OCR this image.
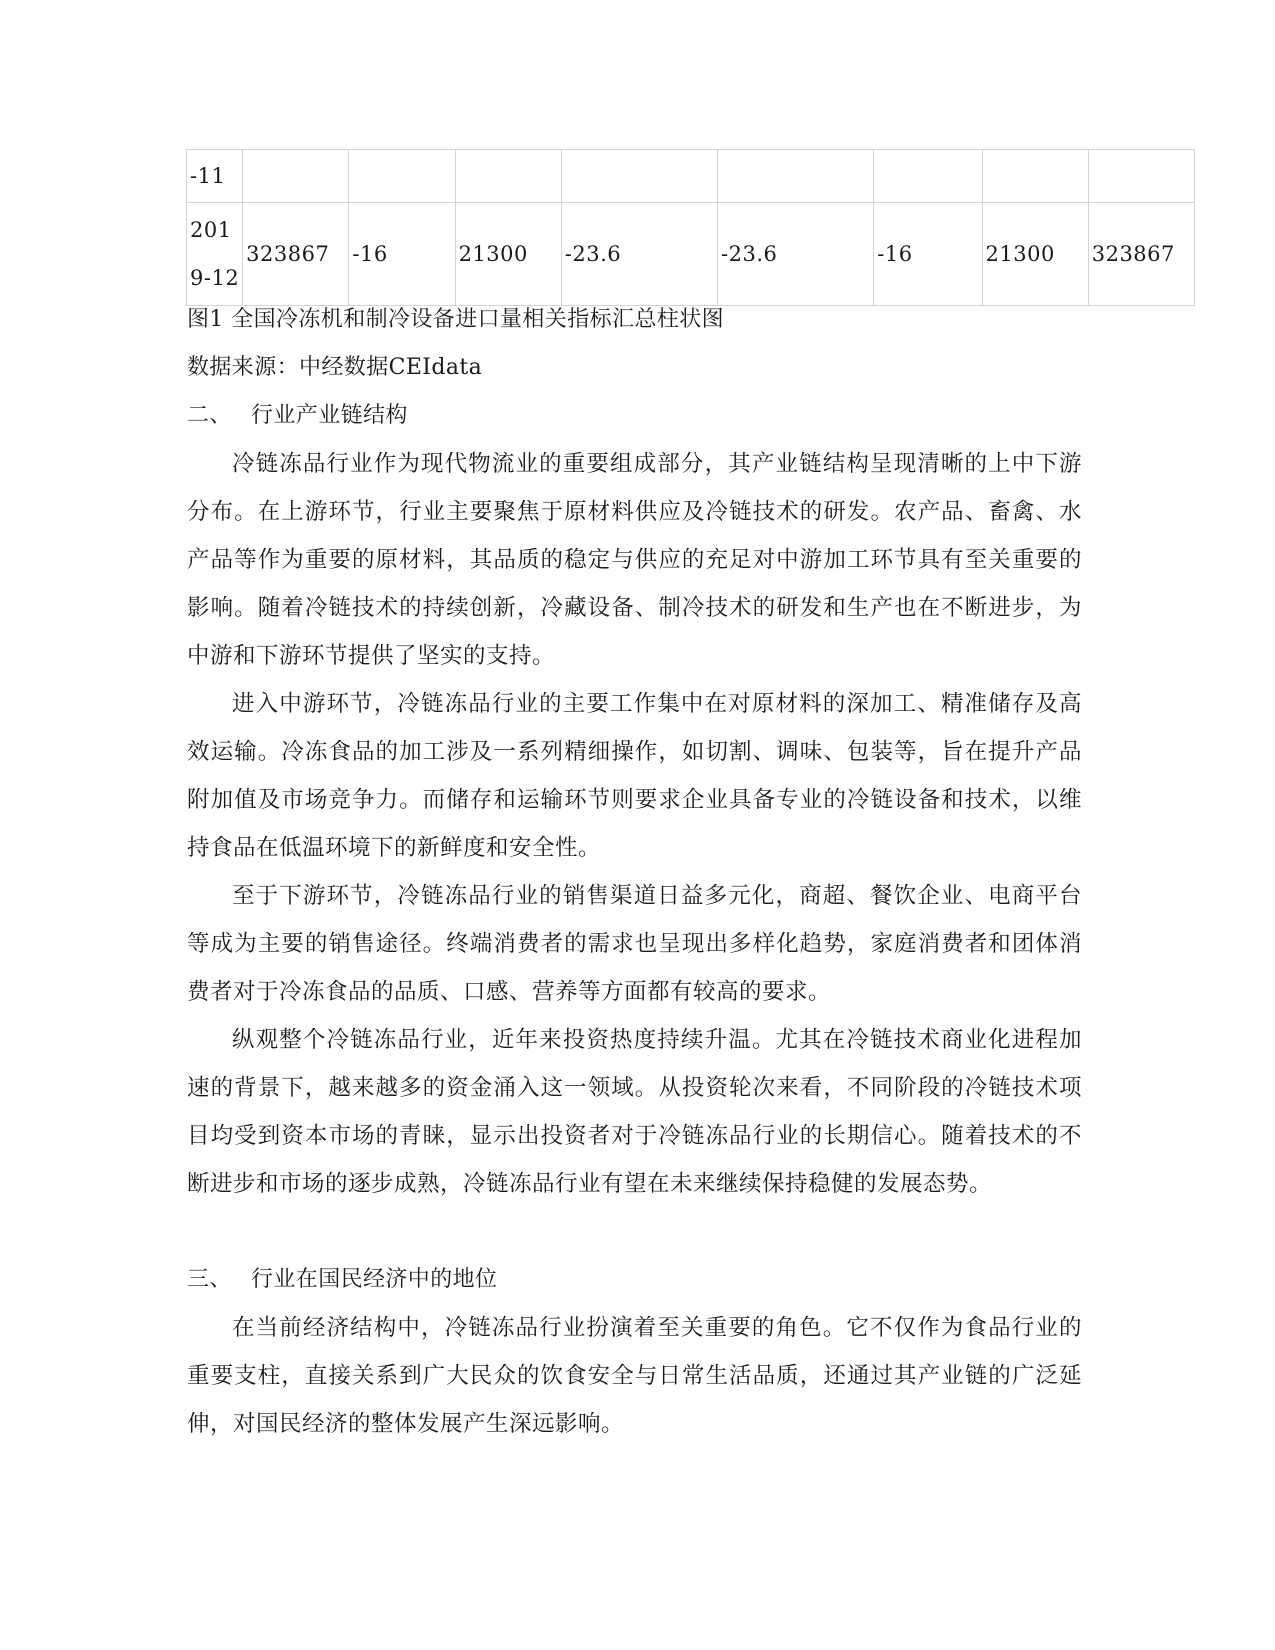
-11								
2019-12	323867	-16	21300	-23.6	-23.6	-16	21300	323867
图1 全国冷冻机和制冷设备进口量相关指标汇总柱状图
数据来源：中经数据CEIdata
二、 行业产业链结构

冷链冻品行业作为现代物流业的重要组成部分，其产业链结构呈现清晰的上中下游分布。在上游环节，行业主要聚焦于原材料供应及冷链技术的研发。农产品、畜禽、水产品等作为重要的原材料，其品质的稳定与供应的充足对中游加工环节具有至关重要的影响。随着冷链技术的持续创新，冷藏设备、制冷技术的研发和生产也在不断进步，为中游和下游环节提供了坚实的支持。

进入中游环节，冷链冻品行业的主要工作集中在对原材料的深加工、精准储存及高效运输。冷冻食品的加工涉及一系列精细操作，如切割、调味、包装等，旨在提升产品附加值及市场竞争力。而储存和运输环节则要求企业具备专业的冷链设备和技术，以维持食品在低温环境下的新鲜度和安全性。

至于下游环节，冷链冻品行业的销售渠道日益多元化，商超、餐饮企业、电商平台等成为主要的销售途径。终端消费者的需求也呈现出多样化趋势，家庭消费者和团体消费者对于冷冻食品的品质、口感、营养等方面都有较高的要求。

纵观整个冷链冻品行业，近年来投资热度持续升温。尤其在冷链技术商业化进程加速的背景下，越来越多的资金涌入这一领域。从投资轮次来看，不同阶段的冷链技术项目均受到资本市场的青睐，显示出投资者对于冷链冻品行业的长期信心。随着技术的不断进步和市场的逐步成熟，冷链冻品行业有望在未来继续保持稳健的发展态势。

三、 行业在国民经济中的地位

在当前经济结构中，冷链冻品行业扮演着至关重要的角色。它不仅作为食品行业的重要支柱，直接关系到广大民众的饮食安全与日常生活品质，还通过其产业链的广泛延伸，对国民经济的整体发展产生深远影响。
